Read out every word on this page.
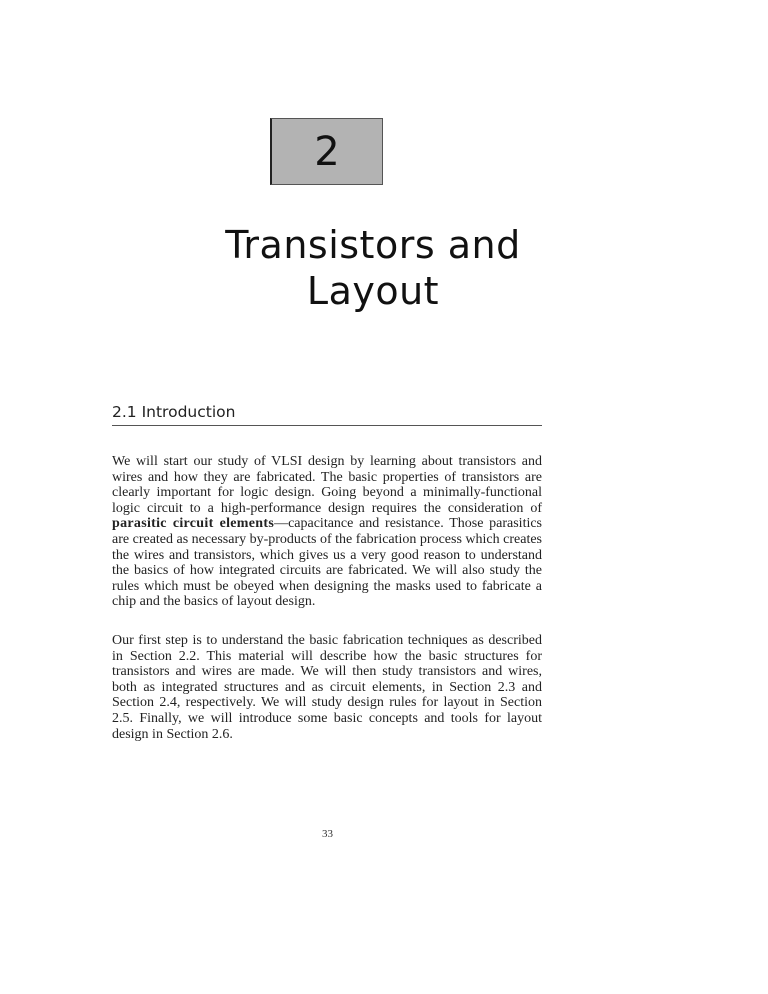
2
Transistors and
Layout
2.1 Introduction

We will start our study of VLSI design by learning about transistors and wires and how they are fabricated. The basic properties of transistors are clearly important for logic design. Going beyond a minimally-functional logic circuit to a high-performance design requires the consideration of parasitic circuit elements—capacitance and resistance. Those parasitics are created as necessary by-products of the fabrication process which creates the wires and transistors, which gives us a very good reason to understand the basics of how integrated circuits are fabricated. We will also study the rules which must be obeyed when designing the masks used to fabricate a chip and the basics of layout design.

Our first step is to understand the basic fabrication techniques as described in Section 2.2. This material will describe how the basic structures for transistors and wires are made. We will then study transistors and wires, both as integrated structures and as circuit elements, in Section 2.3 and Section 2.4, respectively. We will study design rules for layout in Section 2.5. Finally, we will introduce some basic concepts and tools for layout design in Section 2.6.

33
